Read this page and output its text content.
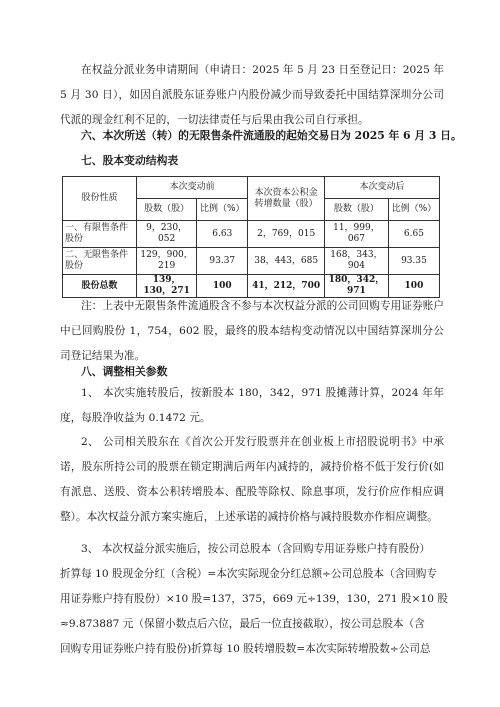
在权益分派业务申请期间（申请日：2025 年 5 月 23 日至登记日：2025 年 5 月 30 日），如因自派股东证券账户内股份减少而导致委托中国结算深圳分公司代派的现金红利不足的，一切法律责任与后果由我公司自行承担。
六、本次所送（转）的无限售条件流通股的起始交易日为 2025 年 6 月 3 日。
七、股本变动结构表
股份性质	本次变动前		本次资本公积金转增数量（股）	本次变动后	
	股数（股）	比例（%）		股数（股）	比例（%）
一、有限售条件股份	9，230，052	6.63	2，769，015	11，999，067	6.65
二、无限售条件股份	129，900，219	93.37	38，443，685	168，343，904	93.35
股份总数	139，130，271	100	41，212，700	180，342，971	100
注：上表中无限售条件流通股含不参与本次权益分派的公司回购专用证券账户中已回购股份 1，754，602 股，最终的股本结构变动情况以中国结算深圳分公司登记结果为准。
八、调整相关参数
1、 本次实施转股后，按新股本 180，342，971 股摊薄计算，2024 年年度，每股净收益为 0.1472 元。
2、 公司相关股东在《首次公开发行股票并在创业板上市招股说明书》中承诺，股东所持公司的股票在锁定期满后两年内减持的，减持价格不低于发行价(如有派息、送股、资本公积转增股本、配股等除权、除息事项，发行价应作相应调整）。本次权益分派方案实施后，上述承诺的减持价格与减持股数亦作相应调整。
3、 本次权益分派实施后，按公司总股本（含回购专用证券账户持有股份）
折算每 10 股现金分红（含税）=本次实际现金分红总额÷公司总股本（含回购专
用证券账户持有股份）×10 股=137，375，669 元÷139，130，271 股×10 股
≈9.873887 元（保留小数点后六位，最后一位直接截取），按公司总股本（含
回购专用证券账户持有股份)折算每 10 股转增股数=本次实际转增股数÷公司总
